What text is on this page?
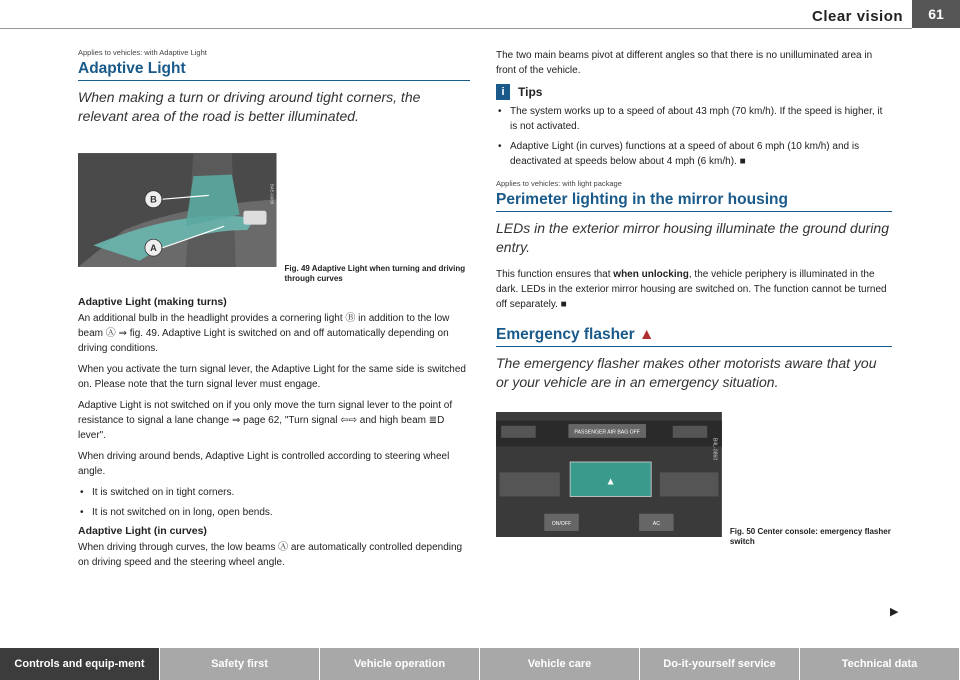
Clear vision	61
Applies to vehicles: with Adaptive Light
Adaptive Light
When making a turn or driving around tight corners, the relevant area of the road is better illuminated.
B
A
B4E-0988
Fig. 49 Adaptive Light when turning and driving through curves
Adaptive Light (making turns)

An additional bulb in the headlight provides a cornering light Ⓑ in addition to the low beam Ⓐ ⇒ fig. 49. Adaptive Light is switched on and off automatically depending on driving conditions.

When you activate the turn signal lever, the Adaptive Light for the same side is switched on. Please note that the turn signal lever must engage.

Adaptive Light is not switched on if you only move the turn signal lever to the point of resistance to signal a lane change ⇒ page 62, "Turn signal ⇦⇨ and high beam ≣D lever".

When driving around bends, Adaptive Light is controlled according to steering wheel angle.

• It is switched on in tight corners.
• It is not switched on in long, open bends.
Adaptive Light (in curves)

When driving through curves, the low beams Ⓐ are automatically controlled depending on driving speed and the steering wheel angle.

The two main beams pivot at different angles so that there is no unilluminated area in front of the vehicle.

i	Tips
• The system works up to a speed of about 43 mph (70 km/h). If the speed is higher, it is not activated.
• Adaptive Light (in curves) functions at a speed of about 6 mph (10 km/h) and is deactivated at speeds below about 4 mph (6 km/h). ■
Applies to vehicles: with light package
Perimeter lighting in the mirror housing
LEDs in the exterior mirror housing illuminate the ground during entry.

This function ensures that when unlocking, the vehicle periphery is illuminated in the dark. LEDs in the exterior mirror housing are switched on. The function cannot be turned off separately. ■

Emergency flasher ▲
The emergency flasher makes other motorists aware that you or your vehicle are in an emergency situation.
PASSENGER AIR BAG OFF
▲
ON/OFF	AC
B4L-0860
Fig. 50 Center console: emergency flasher switch
▶
Controls and equip-ment	Safety first	Vehicle operation	Vehicle care	Do-it-yourself service	Technical data
